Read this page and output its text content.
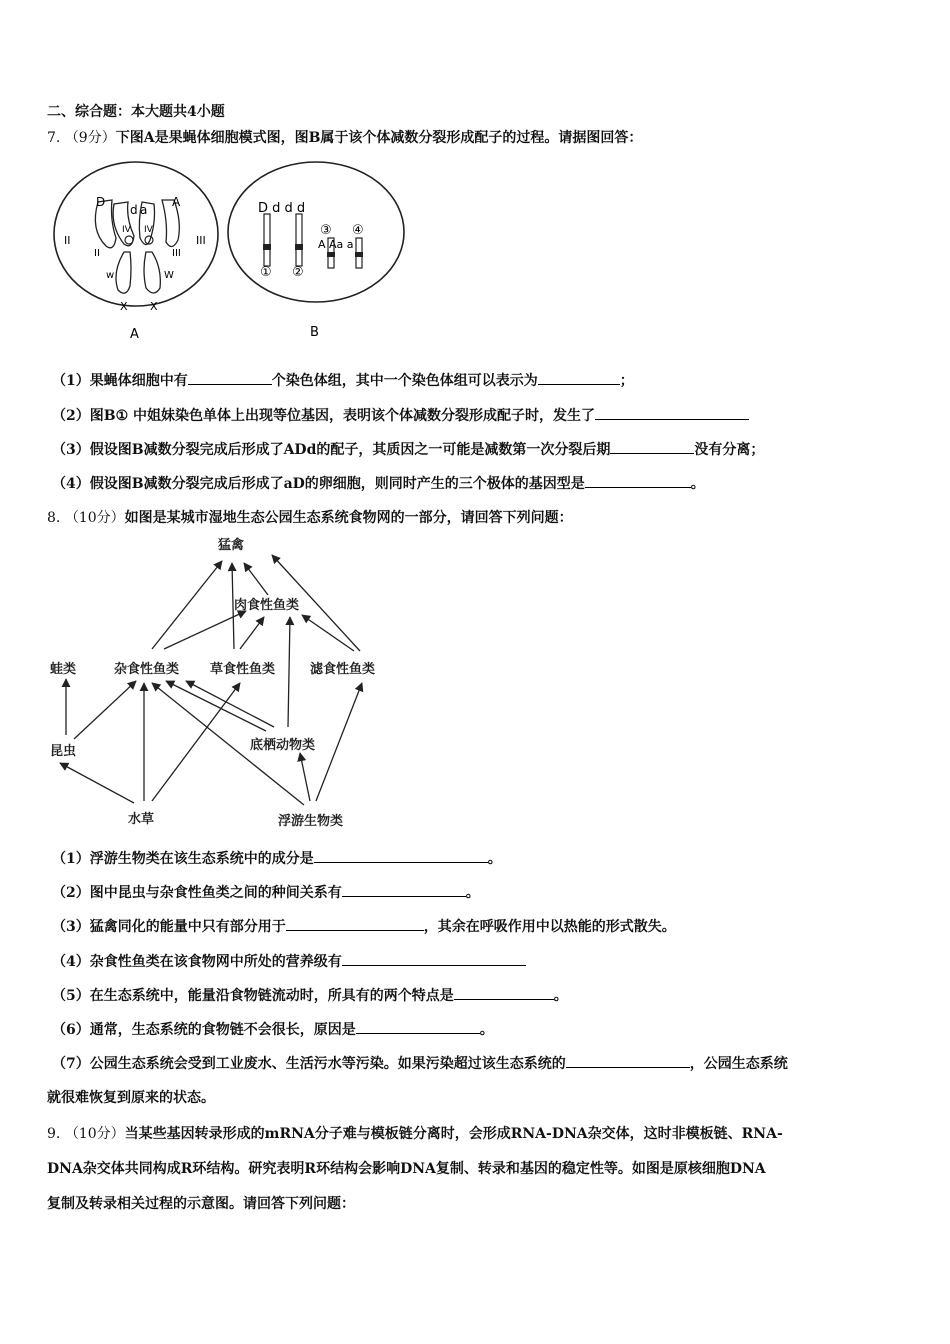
二、综合题：本大题共4小题
7. （9分）下图A是果蝇体细胞模式图，图B属于该个体减数分裂形成配子的过程。请据图回答：
D
d a
A
II
II
IV IV
III
III
w	W
X X
A
D d d d
① ②
③ ④
A Aa a
B
（1）果蝇体细胞中有	个染色体组，其中一个染色体组可以表示为	；
（2）图B① 中姐妹染色单体上出现等位基因，表明该个体减数分裂形成配子时，发生了
（3）假设图B减数分裂完成后形成了ADd的配子，其质因之一可能是减数第一次分裂后期	没有分离；
（4）假设图B减数分裂完成后形成了aD的卵细胞，则同时产生的三个极体的基因型是	。
8. （10分）如图是某城市湿地生态公园生态系统食物网的一部分，请回答下列问题：
猛禽
肉食性鱼类
蛙类	杂食性鱼类 草食性鱼类	滤食性鱼类
昆虫	底栖动物类
水草	浮游生物类
（1）浮游生物类在该生态系统中的成分是	。
（2）图中昆虫与杂食性鱼类之间的种间关系有	。
（3）猛禽同化的能量中只有部分用于	，其余在呼吸作用中以热能的形式散失。
（4）杂食性鱼类在该食物网中所处的营养级有
（5）在生态系统中，能量沿食物链流动时，所具有的两个特点是	。
（6）通常，生态系统的食物链不会很长，原因是	。
（7）公园生态系统会受到工业废水、生活污水等污染。如果污染超过该生态系统的	，公园生态系统
就很难恢复到原来的状态。
9. （10分）当某些基因转录形成的mRNA分子难与模板链分离时，会形成RNA-DNA杂交体，这时非模板链、RNA-
DNA杂交体共同构成R环结构。研究表明R环结构会影响DNA复制、转录和基因的稳定性等。如图是原核细胞DNA
复制及转录相关过程的示意图。请回答下列问题：
